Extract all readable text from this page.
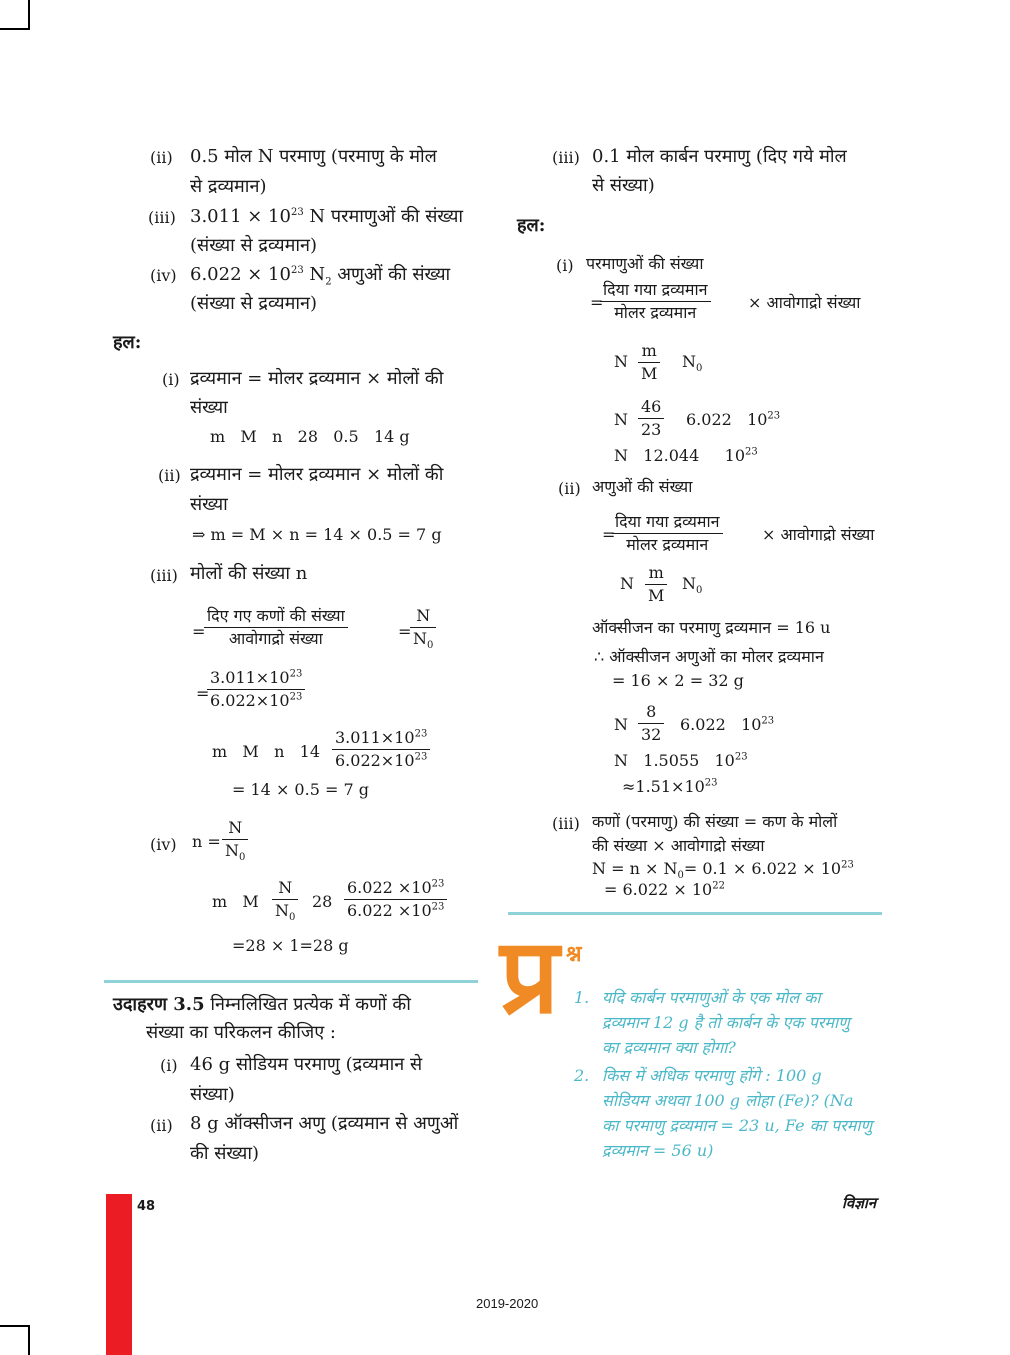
(ii) 0.5 मोल N परमाणु (परमाणु के मोल
से द्रव्यमान)
(iii) $3.011 \times 10^{23}$ N परमाणुओं की संख्या
(संख्या से द्रव्यमान)
(iv) $6.022 \times 10^{23}$ $N_2$ अणुओं की संख्या
(संख्या से द्रव्यमान)
हल:
(i) द्रव्यमान = मोलर द्रव्यमान × मोलों की
संख्या
m   M   n   28   0.5   14 g
(ii) द्रव्यमान = मोलर द्रव्यमान × मोलों की
संख्या
⇒ m = M × n = 14 × 0.5 = 7 g
(iii) मोलों की संख्या n
=
दिए गए कणों की संख्या
आवोगाद्रो संख्या	=
$\frac{N}{N_0}$
=
$\frac{3.011\times 10^{23}}{6.022\times 10^{23}}$
m   M   n   $14 \frac{3.011\times 10^{23}}{6.022\times 10^{23}}$
= 14 × 0.5 = 7 g
(iv) $n = \frac{N}{N_0}$
m   M $\frac{N}{N_0} 28 \frac{6.022 \times 10^{23}}{6.022 \times 10^{23}}$
=28 × 1=28 g
उदाहरण 3.5 निम्नलिखित प्रत्येक में कणों की
संख्या का परिकलन कीजिए :
(i) 46 g सोडियम परमाणु (द्रव्यमान से
संख्या)
(ii) 8 g ऑक्सीजन अणु (द्रव्यमान से अणुओं
की संख्या)
(iii) 0.1 मोल कार्बन परमाणु (दिए गये मोल
से संख्या)
हल:
(i) परमाणुओं की संख्या
=
दिया गया द्रव्यमान
मोलर द्रव्यमान
× आवोगाद्रो संख्या
N $\frac{m}{M} N_0$
N $\frac{46}{23} 6.022$   $10^{23}$
N   12.044     $10^{23}$
(ii) अणुओं की संख्या
=
दिया गया द्रव्यमान
मोलर द्रव्यमान
× आवोगाद्रो संख्या
N $\frac{m}{M} N_0$
ऑक्सीजन का परमाणु द्रव्यमान = 16 u
∴ ऑक्सीजन अणुओं का मोलर द्रव्यमान
= 16 × 2 = 32 g
N $\frac{8}{32} 6.022$   $10^{23}$
N   1.5055   $10^{23}$
$\approx 1.51\times 10^{23}$
(iii) कणों (परमाणु) की संख्या = कण के मोलों
की संख्या × आवोगाद्रो संख्या
$N = n \times N_0= 0.1 \times 6.022 \times 10^{23}$
= $6.022 \times 10^{22}$
प्र श्न
1. यदि कार्बन परमाणुओं के एक मोल का
द्रव्यमान 12 g है तो कार्बन के एक परमाणु
का द्रव्यमान क्या होगा?
2. किस में अधिक परमाणु होंगे : 100 g
सोडियम अथवा 100 g लोहा (Fe)? (Na
का परमाणु द्रव्यमान = 23 u, Fe का परमाणु
द्रव्यमान = 56 u)
48	विज्ञान
2019-2020
